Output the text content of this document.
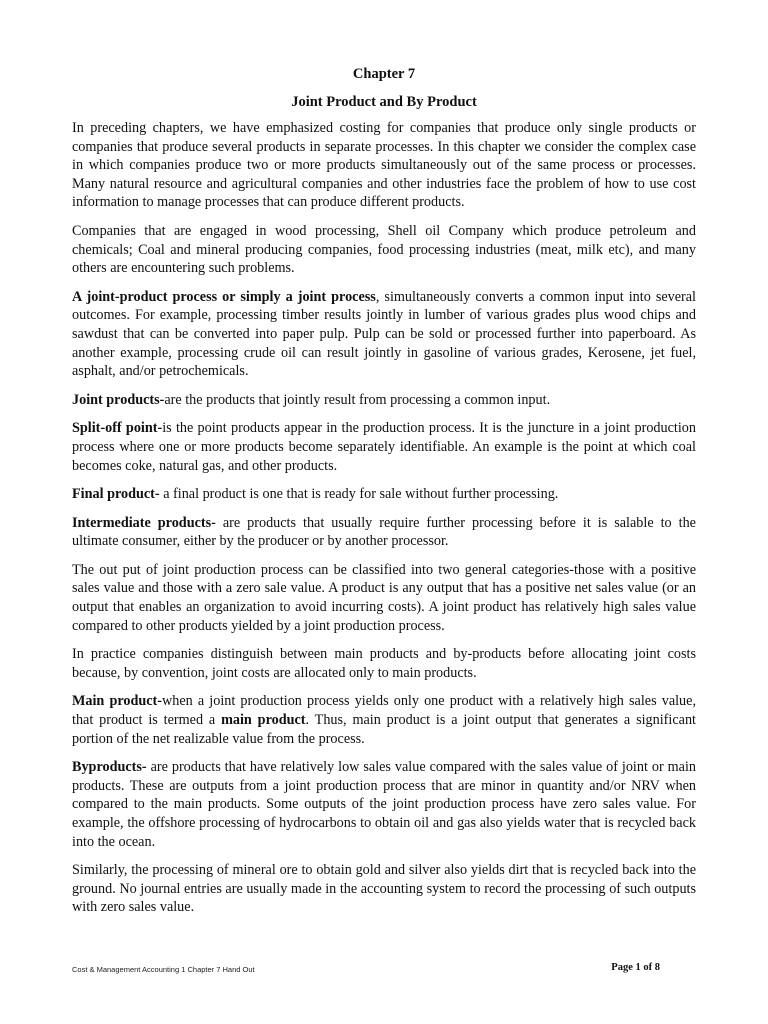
Chapter 7
Joint Product and By Product

In preceding chapters, we have emphasized costing for companies that produce only single products or companies that produce several products in separate processes. In this chapter we consider the complex case in which companies produce two or more products simultaneously out of the same process or processes. Many natural resource and agricultural companies and other industries face the problem of how to use cost information to manage processes that can produce different products.

Companies that are engaged in wood processing, Shell oil Company which produce petroleum and chemicals; Coal and mineral producing companies, food processing industries (meat, milk etc), and many others are encountering such problems.

A joint-product process or simply a joint process, simultaneously converts a common input into several outcomes. For example, processing timber results jointly in lumber of various grades plus wood chips and sawdust that can be converted into paper pulp. Pulp can be sold or processed further into paperboard. As another example, processing crude oil can result jointly in gasoline of various grades, Kerosene, jet fuel, asphalt, and/or petrochemicals.

Joint products-are the products that jointly result from processing a common input.

Split-off point-is the point products appear in the production process. It is the juncture in a joint production process where one or more products become separately identifiable. An example is the point at which coal becomes coke, natural gas, and other products.

Final product- a final product is one that is ready for sale without further processing.

Intermediate products- are products that usually require further processing before it is salable to the ultimate consumer, either by the producer or by another processor.

The out put of joint production process can be classified into two general categories-those with a positive sales value and those with a zero sale value. A product is any output that has a positive net sales value (or an output that enables an organization to avoid incurring costs). A joint product has relatively high sales value compared to other products yielded by a joint production process.

In practice companies distinguish between main products and by-products before allocating joint costs because, by convention, joint costs are allocated only to main products.

Main product-when a joint production process yields only one product with a relatively high sales value, that product is termed a main product. Thus, main product is a joint output that generates a significant portion of the net realizable value from the process.

Byproducts- are products that have relatively low sales value compared with the sales value of joint or main products. These are outputs from a joint production process that are minor in quantity and/or NRV when compared to the main products. Some outputs of the joint production process have zero sales value. For example, the offshore processing of hydrocarbons to obtain oil and gas also yields water that is recycled back into the ocean.

Similarly, the processing of mineral ore to obtain gold and silver also yields dirt that is recycled back into the ground. No journal entries are usually made in the accounting system to record the processing of such outputs with zero sales value.

Cost & Management Accounting 1 Chapter 7 Hand Out	Page 1 of 8
